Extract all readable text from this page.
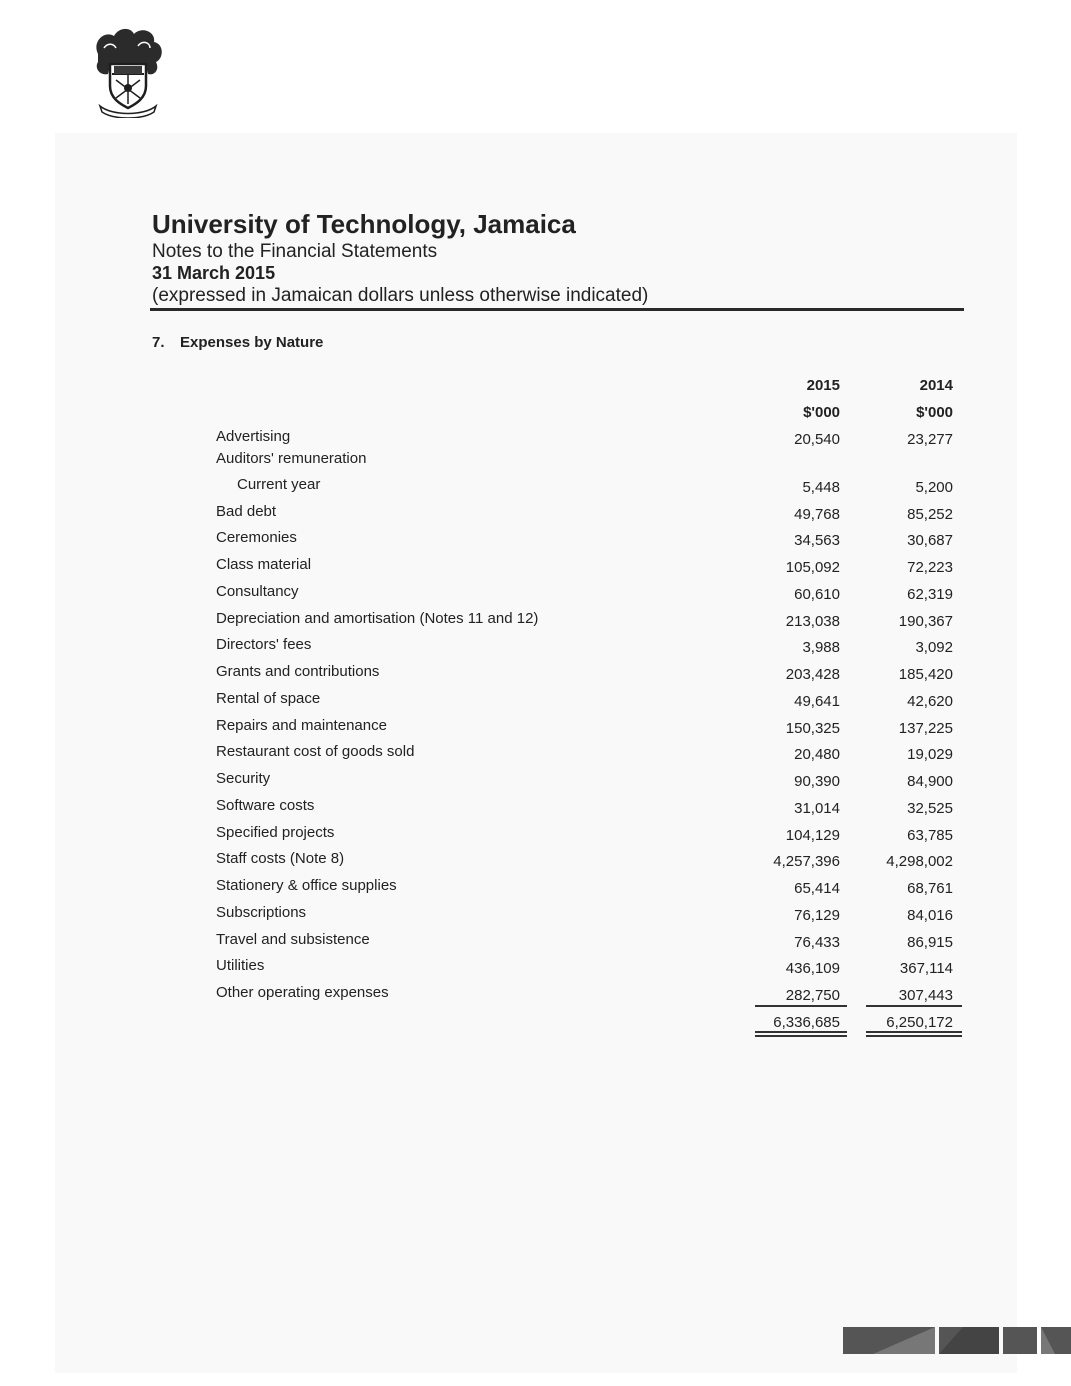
University of Technology, Jamaica
Notes to the Financial Statements
31 March 2015
(expressed in Jamaican dollars unless otherwise indicated)
7. Expenses by Nature
2015	2014
$'000	$'000
Advertising	20,540	23,277
Auditors' remuneration
Current year	5,448	5,200
Bad debt	49,768	85,252
Ceremonies	34,563	30,687
Class material	105,092	72,223
Consultancy	60,610	62,319
Depreciation and amortisation (Notes 11 and 12)	213,038	190,367
Directors' fees	3,988	3,092
Grants and contributions	203,428	185,420
Rental of space	49,641	42,620
Repairs and maintenance	150,325	137,225
Restaurant cost of goods sold	20,480	19,029
Security	90,390	84,900
Software costs	31,014	32,525
Specified projects	104,129	63,785
Staff costs (Note 8)	4,257,396	4,298,002
Stationery & office supplies	65,414	68,761
Subscriptions	76,129	84,016
Travel and subsistence	76,433	86,915
Utilities	436,109	367,114
Other operating expenses	282,750	307,443
6,336,685	6,250,172
